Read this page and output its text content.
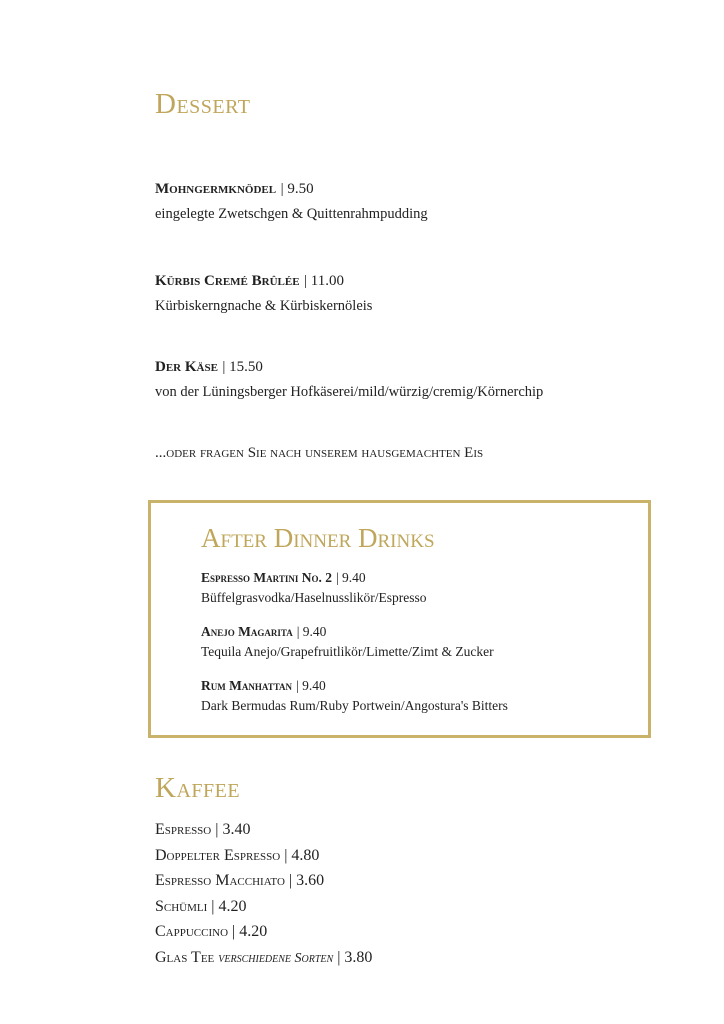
Dessert
Mohngermknödel | 9.50
eingelegte Zwetschgen & Quittenrahmpudding
Kürbis Cremé Brûlée | 11.00
Kürbiskerngnache & Kürbiskernöleis
Der Käse | 15.50
von der Lüningsberger Hofkäserei/mild/würzig/cremig/Körnerchip
...oder fragen Sie nach unserem hausgemachten Eis
After Dinner Drinks
Espresso Martini No. 2 | 9.40
Büffelgrasvodka/Haselnusslikör/Espresso
Anejo Magarita | 9.40
Tequila Anejo/Grapefruitlikör/Limette/Zimt & Zucker
Rum Manhattan | 9.40
Dark Bermudas Rum/Ruby Portwein/Angostura's Bitters
Kaffee
Espresso | 3.40
Doppelter Espresso | 4.80
Espresso Macchiato | 3.60
Schümli | 4.20
Cappuccino | 4.20
Glas Tee verschiedene Sorten | 3.80
